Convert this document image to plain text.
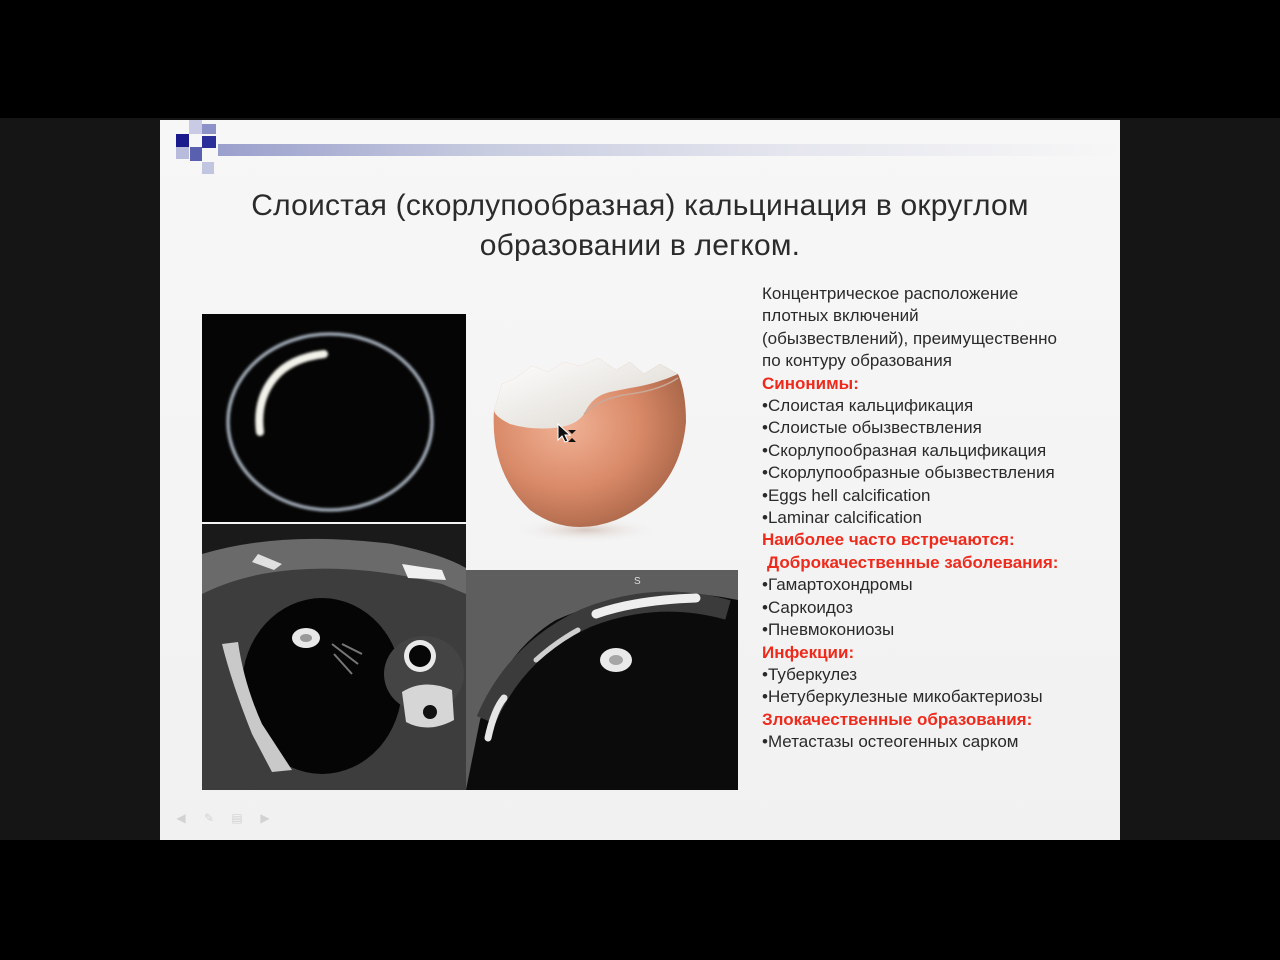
Слоистая (скорлупообразная) кальцинация в округлом
образовании в легком.
S
Концентрическое расположение
плотных включений
(обызвествлений), преимущественно
по контуру образования
Синонимы:
•Слоистая кальцификация
•Слоистые обызвествления
•Скорлупообразная кальцификация
•Скорлупообразные обызвествления
•Eggs hell calcification
•Laminar calcification
Наиболее часто встречаются:
Доброкачественные заболевания:
•Гамартохондромы
•Саркоидоз
•Пневмокониозы
Инфекции:
•Туберкулез
•Нетуберкулезные микобактериозы
Злокачественные образования:
•Метастазы остеогенных сарком
◀	✎	▤	▶
